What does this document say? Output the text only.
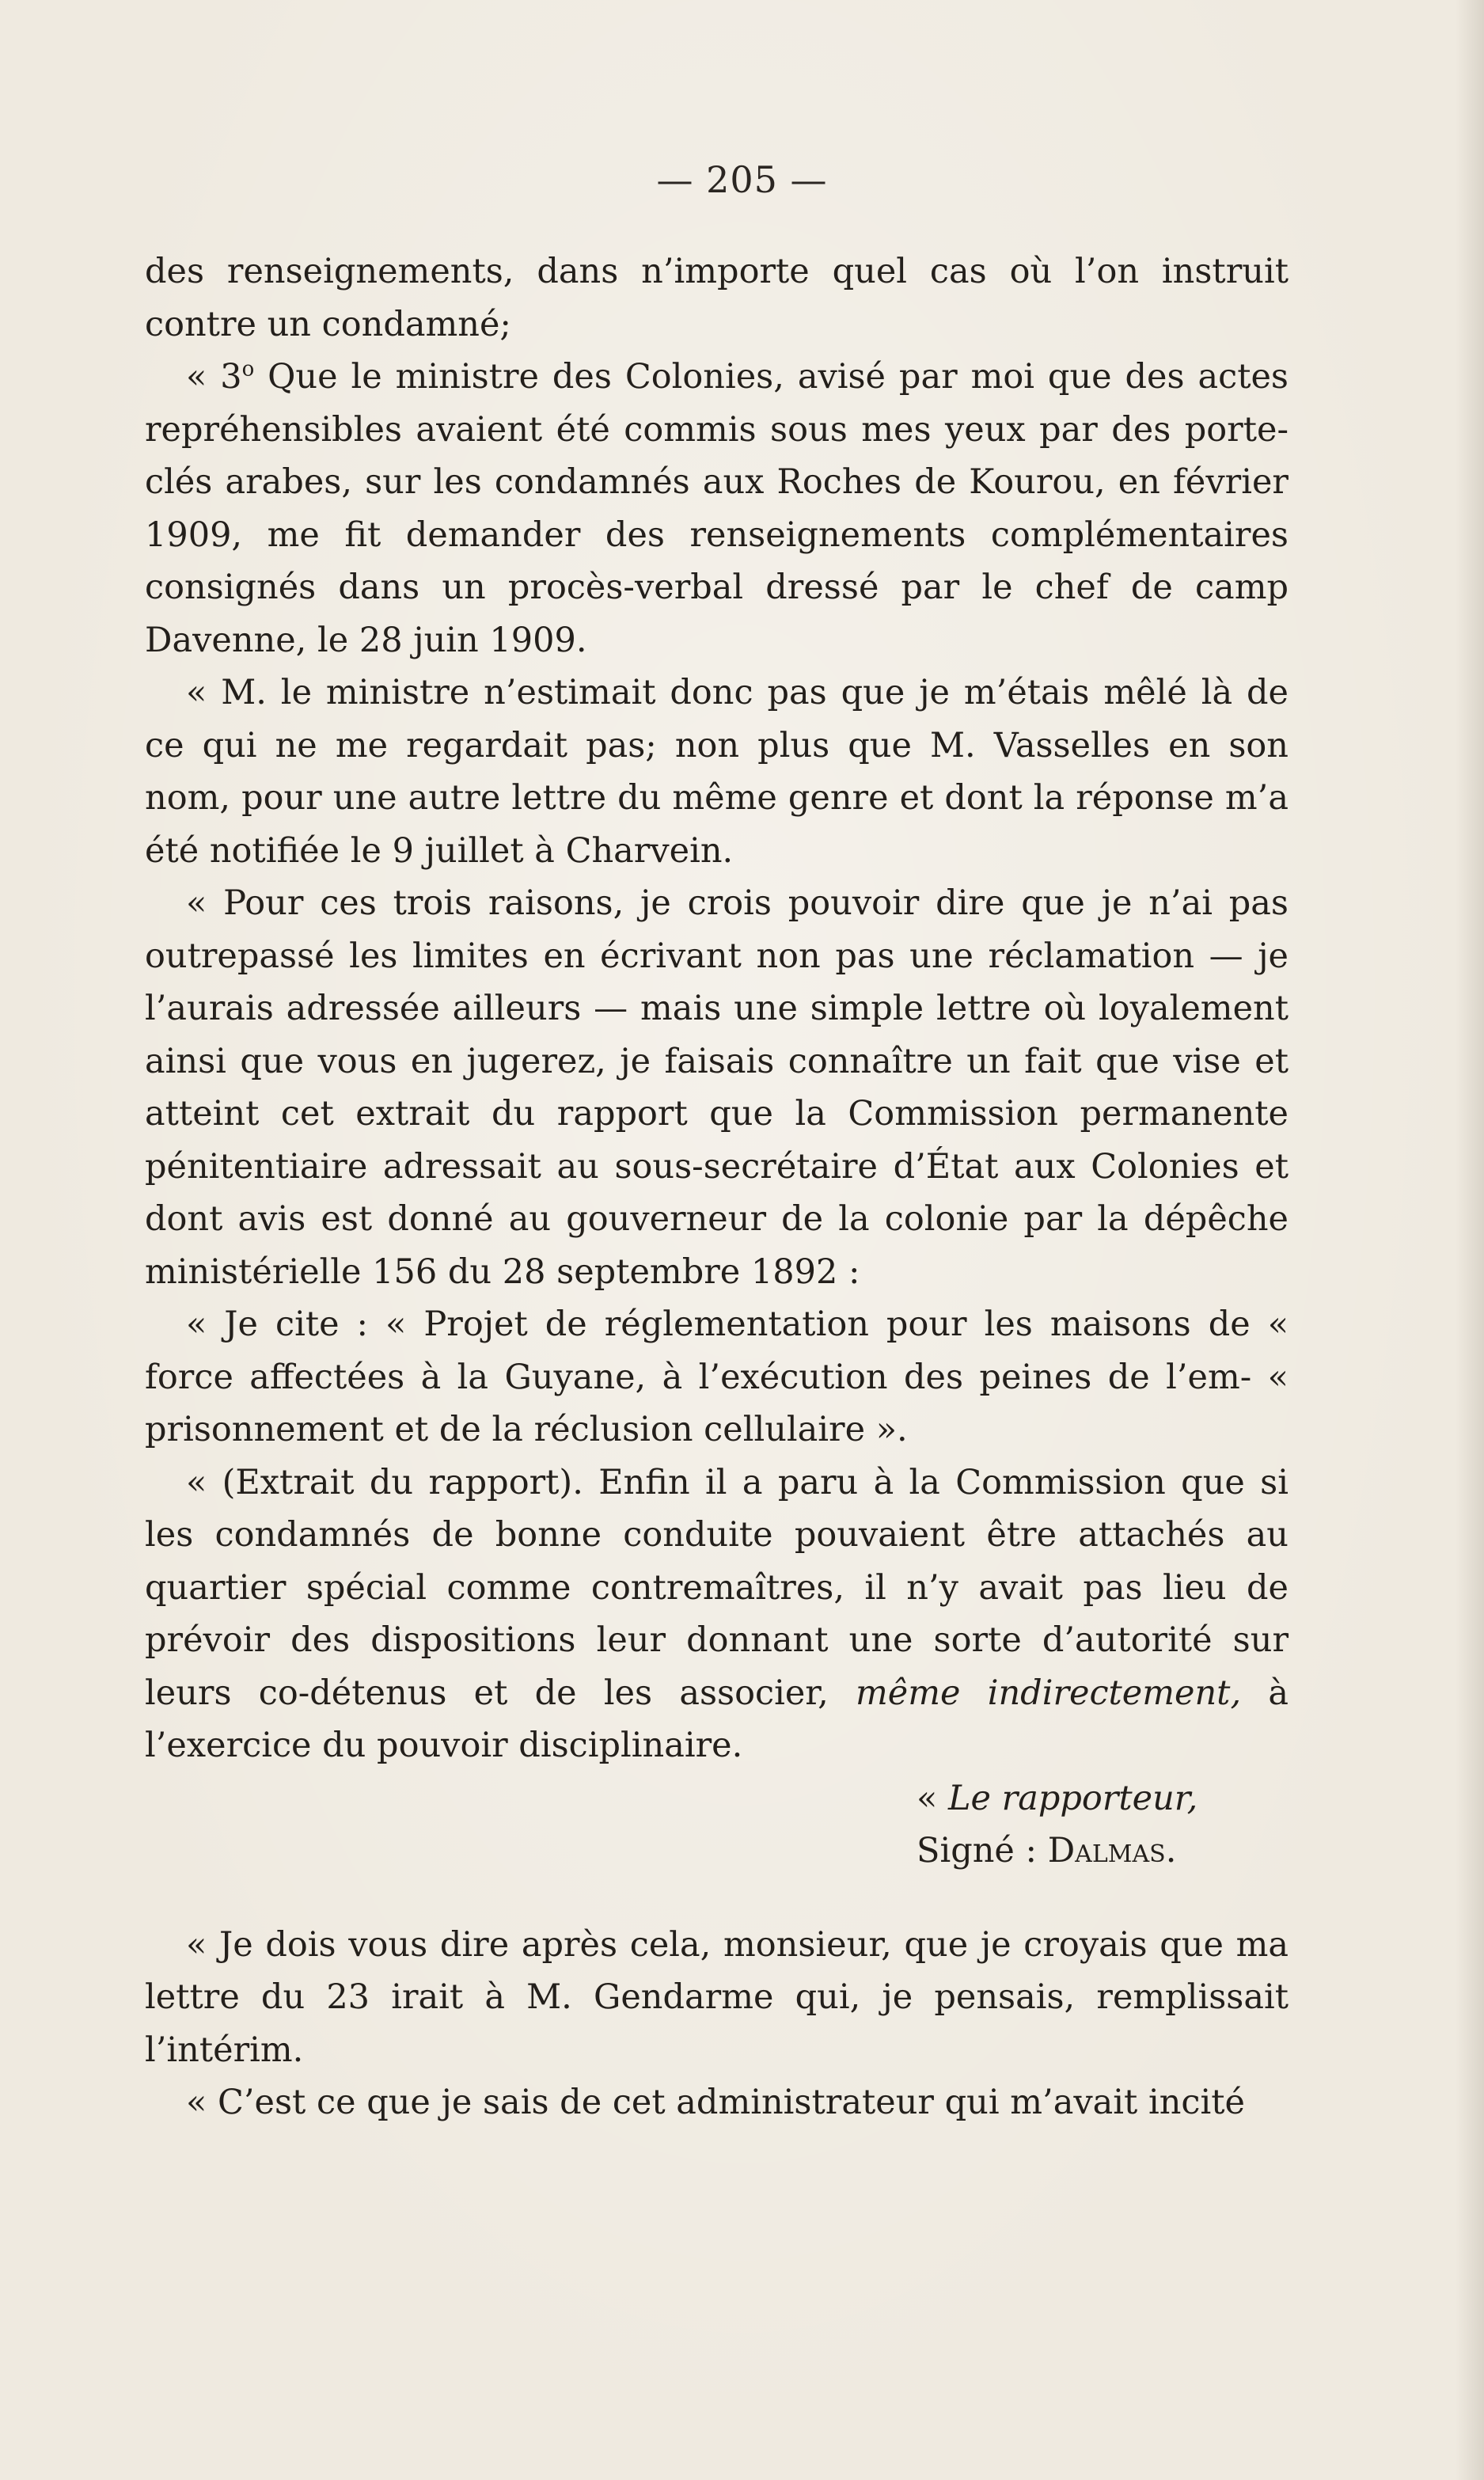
— 205 —

des renseignements, dans n’importe quel cas où l’on instruit contre un condamné;

« 3$^o$ Que le ministre des Colonies, avisé par moi que des actes repréhensibles avaient été commis sous mes yeux par des porte-clés arabes, sur les condamnés aux Roches de Kourou, en février 1909, me fit demander des renseignements complémentaires consignés dans un procès-verbal dressé par le chef de camp Davenne, le 28 juin 1909.

« M. le ministre n’estimait donc pas que je m’étais mêlé là de ce qui ne me regardait pas; non plus que M. Vasselles en son nom, pour une autre lettre du même genre et dont la réponse m’a été notifiée le 9 juillet à Charvein.

« Pour ces trois raisons, je crois pouvoir dire que je n’ai pas outrepassé les limites en écrivant non pas une réclamation — je l’aurais adressée ailleurs — mais une simple lettre où loyalement ainsi que vous en jugerez, je faisais connaître un fait que vise et atteint cet extrait du rapport que la Commission permanente pénitentiaire adressait au sous-secrétaire d’État aux Colonies et dont avis est donné au gouverneur de la colonie par la dépêche ministérielle 156 du 28 septembre 1892 :

« Je cite : « Projet de réglementation pour les maisons de « force affectées à la Guyane, à l’exécution des peines de l’em- « prisonnement et de la réclusion cellulaire ».

« (Extrait du rapport). Enfin il a paru à la Commission que si les condamnés de bonne conduite pouvaient être attachés au quartier spécial comme contremaîtres, il n’y avait pas lieu de prévoir des dispositions leur donnant une sorte d’autorité sur leurs co-détenus et de les associer, même indirectement, à l’exercice du pouvoir disciplinaire.

« Le rapporteur,

Signé : Dalmas.

« Je dois vous dire après cela, monsieur, que je croyais que ma lettre du 23 irait à M. Gendarme qui, je pensais, remplissait l’intérim.

« C’est ce que je sais de cet administrateur qui m’avait incité
